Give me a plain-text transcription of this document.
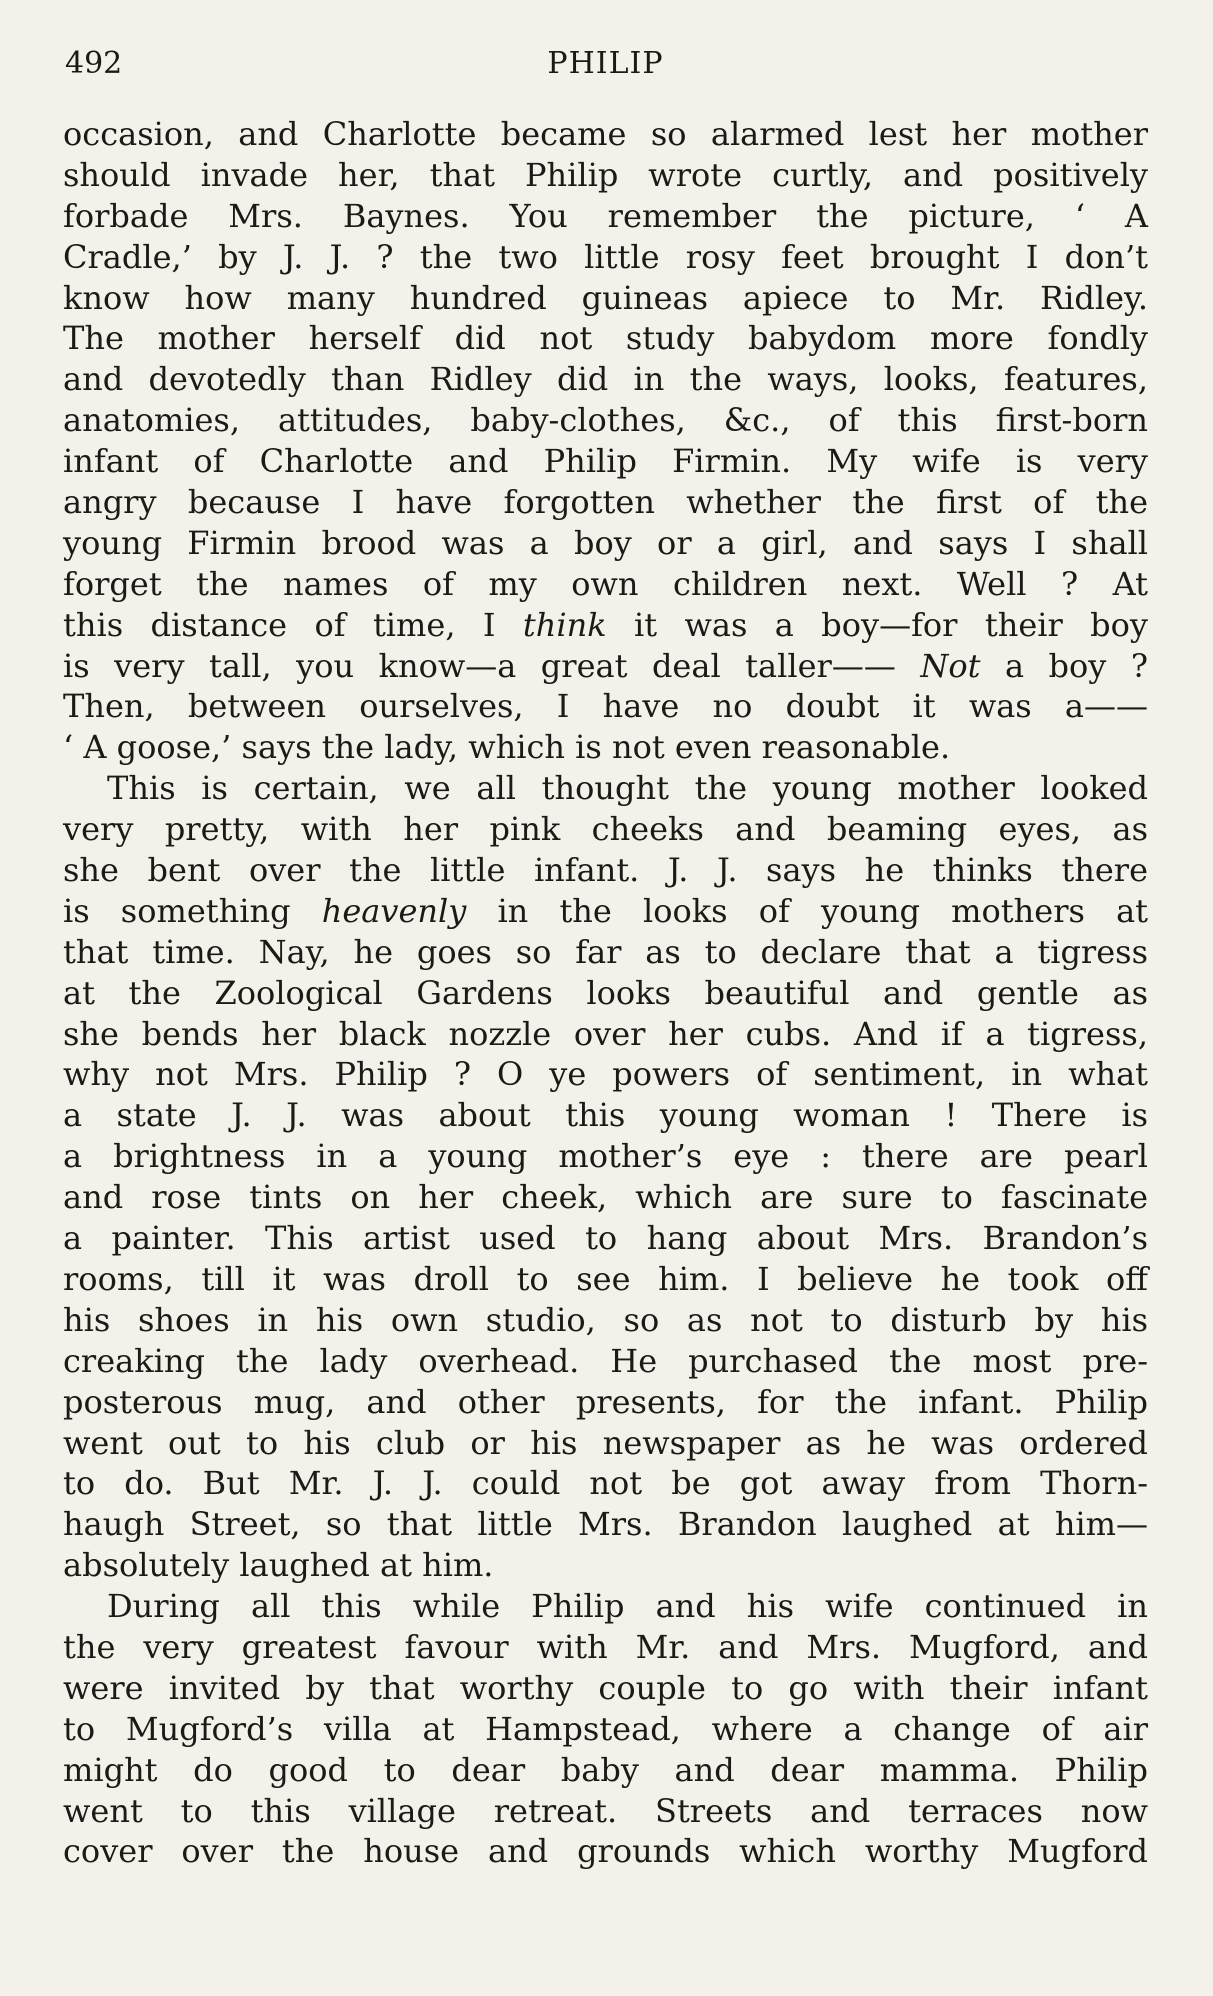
492	PHILIP
occasion, and Charlotte became so alarmed lest her mother
should invade her, that Philip wrote curtly, and positively
forbade Mrs. Baynes. You remember the picture, ‘ A
Cradle,’ by J. J. ? the two little rosy feet brought I don’t
know how many hundred guineas apiece to Mr. Ridley.
The mother herself did not study babydom more fondly
and devotedly than Ridley did in the ways, looks, features,
anatomies, attitudes, baby-clothes, &c., of this first-born
infant of Charlotte and Philip Firmin. My wife is very
angry because I have forgotten whether the first of the
young Firmin brood was a boy or a girl, and says I shall
forget the names of my own children next. Well ? At
this distance of time, I think it was a boy—for their boy
is very tall, you know—a great deal taller—— Not a boy ?
Then, between ourselves, I have no doubt it was a——
‘ A goose,’ says the lady, which is not even reasonable.
This is certain, we all thought the young mother looked
very pretty, with her pink cheeks and beaming eyes, as
she bent over the little infant. J. J. says he thinks there
is something heavenly in the looks of young mothers at
that time. Nay, he goes so far as to declare that a tigress
at the Zoological Gardens looks beautiful and gentle as
she bends her black nozzle over her cubs. And if a tigress,
why not Mrs. Philip ? O ye powers of sentiment, in what
a state J. J. was about this young woman ! There is
a brightness in a young mother’s eye : there are pearl
and rose tints on her cheek, which are sure to fascinate
a painter. This artist used to hang about Mrs. Brandon’s
rooms, till it was droll to see him. I believe he took off
his shoes in his own studio, so as not to disturb by his
creaking the lady overhead. He purchased the most pre-
posterous mug, and other presents, for the infant. Philip
went out to his club or his newspaper as he was ordered
to do. But Mr. J. J. could not be got away from Thorn-
haugh Street, so that little Mrs. Brandon laughed at him—
absolutely laughed at him.
During all this while Philip and his wife continued in
the very greatest favour with Mr. and Mrs. Mugford, and
were invited by that worthy couple to go with their infant
to Mugford’s villa at Hampstead, where a change of air
might do good to dear baby and dear mamma. Philip
went to this village retreat. Streets and terraces now
cover over the house and grounds which worthy Mugford
